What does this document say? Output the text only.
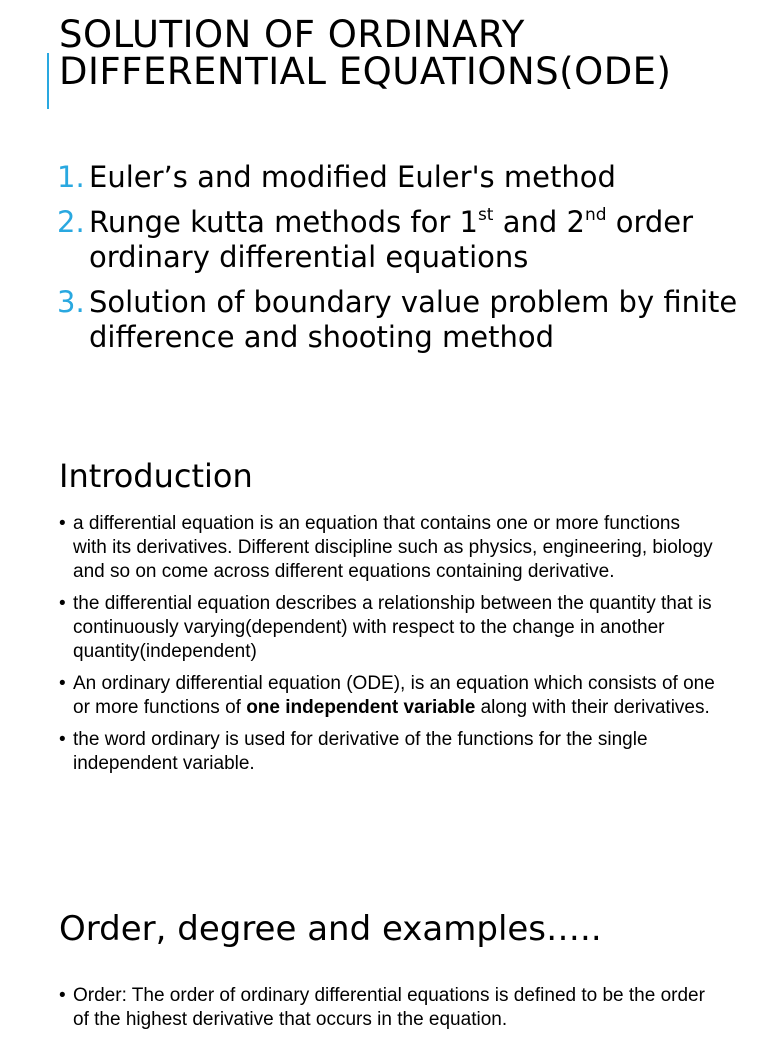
SOLUTION OF ORDINARY DIFFERENTIAL EQUATIONS(ODE)
1. Euler’s and modified Euler's method
2. Runge kutta methods for 1st and 2nd order ordinary differential equations
3. Solution of boundary value problem by finite difference and shooting method
Introduction
• a differential equation is an equation that contains one or more functions with its derivatives. Different discipline such as physics, engineering, biology and so on come across different equations containing derivative.
• the differential equation describes a relationship between the quantity that is continuously varying(dependent) with respect to the change in another quantity(independent)
• An ordinary differential equation (ODE), is an equation which consists of one or more functions of one independent variable along with their derivatives.
• the word ordinary is used for derivative of the functions for the single independent variable.
Order, degree and examples…..
• Order: The order of ordinary differential equations is defined to be the order of the highest derivative that occurs in the equation.
